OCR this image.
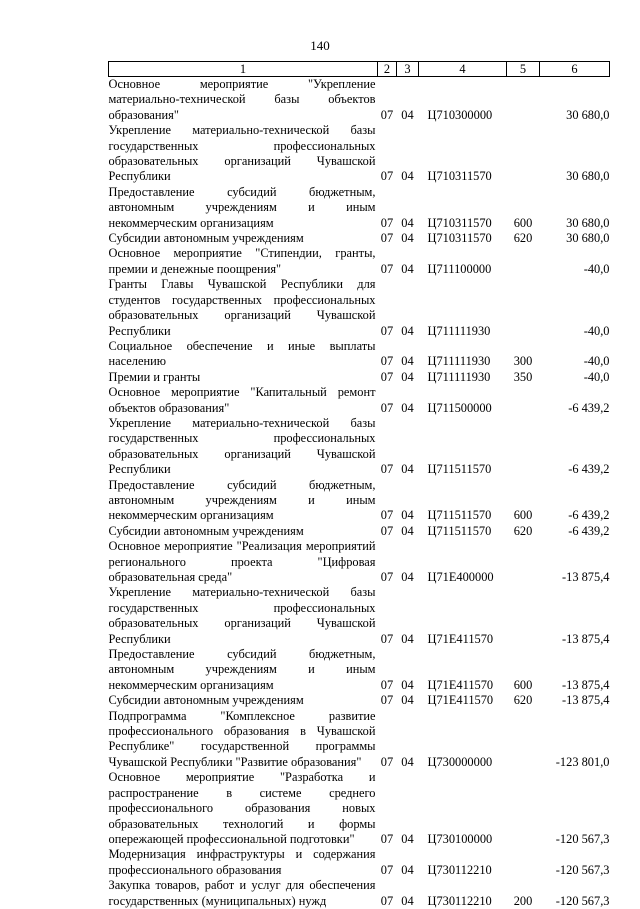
140
1	2	3	4	5	6
Основное мероприятие "Укрепление материально-технической базы объектов образования"	07	04	Ц710300000		30 680,0
Укрепление материально-технической базы государственных профессиональных образовательных организаций Чувашской Республики	07	04	Ц710311570		30 680,0
Предоставление субсидий бюджетным, автономным учреждениям и иным некоммерческим организациям	07	04	Ц710311570	600	30 680,0
Субсидии автономным учреждениям	07	04	Ц710311570	620	30 680,0
Основное мероприятие "Стипендии, гранты, премии и денежные поощрения"	07	04	Ц711100000		-40,0
Гранты Главы Чувашской Республики для студентов государственных профессиональных образовательных организаций Чувашской Республики	07	04	Ц711111930		-40,0
Социальное обеспечение и иные выплаты населению	07	04	Ц711111930	300	-40,0
Премии и гранты	07	04	Ц711111930	350	-40,0
Основное мероприятие "Капитальный ремонт объектов образования"	07	04	Ц711500000		-6 439,2
Укрепление материально-технической базы государственных профессиональных образовательных организаций Чувашской Республики	07	04	Ц711511570		-6 439,2
Предоставление субсидий бюджетным, автономным учреждениям и иным некоммерческим организациям	07	04	Ц711511570	600	-6 439,2
Субсидии автономным учреждениям	07	04	Ц711511570	620	-6 439,2
Основное мероприятие "Реализация мероприятий регионального проекта "Цифровая образовательная среда"	07	04	Ц71Е400000		-13 875,4
Укрепление материально-технической базы государственных профессиональных образовательных организаций Чувашской Республики	07	04	Ц71Е411570		-13 875,4
Предоставление субсидий бюджетным, автономным учреждениям и иным некоммерческим организациям	07	04	Ц71Е411570	600	-13 875,4
Субсидии автономным учреждениям	07	04	Ц71Е411570	620	-13 875,4
Подпрограмма "Комплексное развитие профессионального образования в Чувашской Республике" государственной программы Чувашской Республики "Развитие образования"	07	04	Ц730000000		-123 801,0
Основное мероприятие "Разработка и распространение в системе среднего профессионального образования новых образовательных технологий и формы опережающей профессиональной подготовки"	07	04	Ц730100000		-120 567,3
Модернизация инфраструктуры и содержания профессионального образования	07	04	Ц730112210		-120 567,3
Закупка товаров, работ и услуг для обеспечения государственных (муниципальных) нужд	07	04	Ц730112210	200	-120 567,3
